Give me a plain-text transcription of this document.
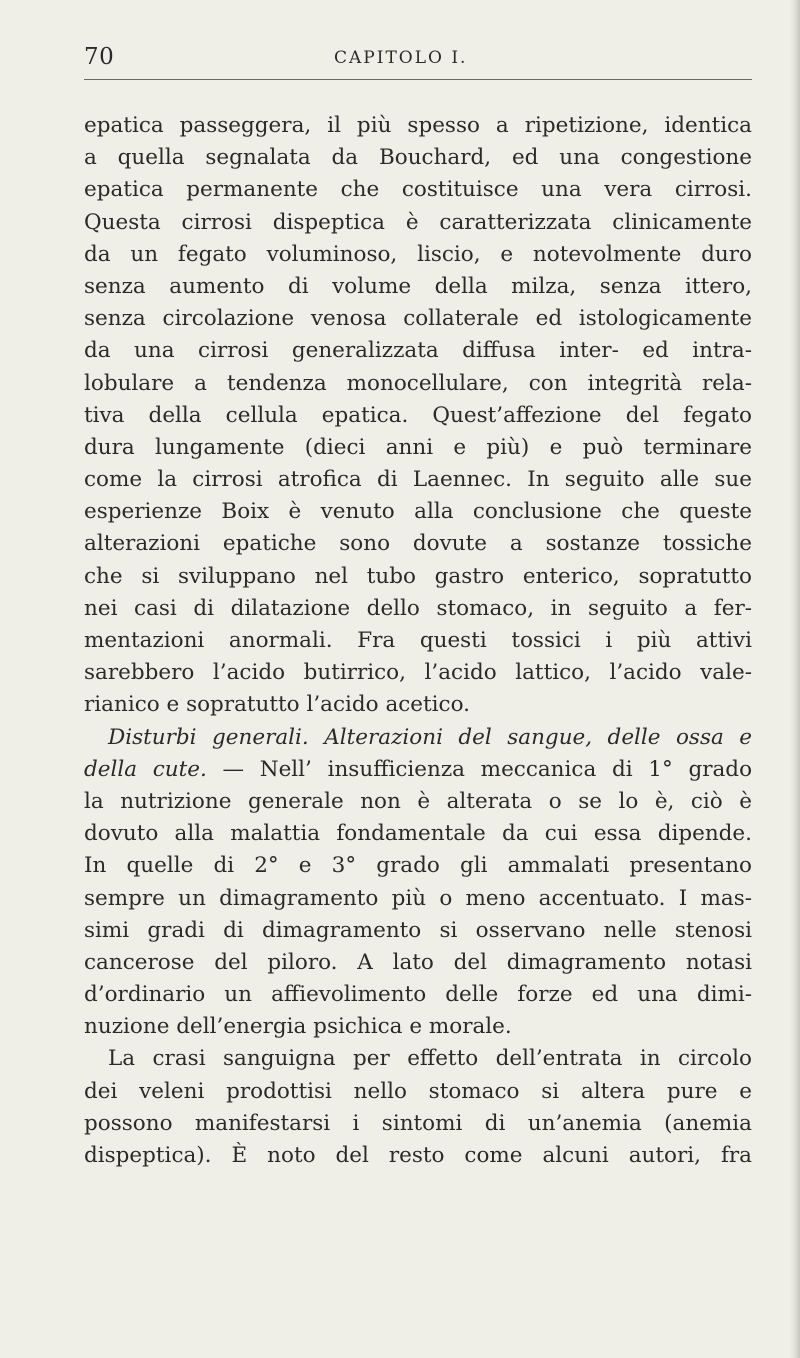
70	CAPITOLO I.
epatica passeggera, il più spesso a ripetizione, identica
a quella segnalata da Bouchard, ed una congestione
epatica permanente che costituisce una vera cirrosi.
Questa cirrosi dispeptica è caratterizzata clinicamente
da un fegato voluminoso, liscio, e notevolmente duro
senza aumento di volume della milza, senza ittero,
senza circolazione venosa collaterale ed istologicamente
da una cirrosi generalizzata diffusa inter- ed intra-
lobulare a tendenza monocellulare, con integrità rela-
tiva della cellula epatica. Quest’affezione del fegato
dura lungamente (dieci anni e più) e può terminare
come la cirrosi atrofica di Laennec. In seguito alle sue
esperienze Boix è venuto alla conclusione che queste
alterazioni epatiche sono dovute a sostanze tossiche
che si sviluppano nel tubo gastro enterico, sopratutto
nei casi di dilatazione dello stomaco, in seguito a fer-
mentazioni anormali. Fra questi tossici i più attivi
sarebbero l’acido butirrico, l’acido lattico, l’acido vale-
rianico e sopratutto l’acido acetico.
Disturbi generali. Alterazioni del sangue, delle ossa e
della cute. — Nell’ insufficienza meccanica di 1° grado
la nutrizione generale non è alterata o se lo è, ciò è
dovuto alla malattia fondamentale da cui essa dipende.
In quelle di 2° e 3° grado gli ammalati presentano
sempre un dimagramento più o meno accentuato. I mas-
simi gradi di dimagramento si osservano nelle stenosi
cancerose del piloro. A lato del dimagramento notasi
d’ordinario un affievolimento delle forze ed una dimi-
nuzione dell’energia psichica e morale.
La crasi sanguigna per effetto dell’entrata in circolo
dei veleni prodottisi nello stomaco si altera pure e
possono manifestarsi i sintomi di un’anemia (anemia
dispeptica). È noto del resto come alcuni autori, fra
